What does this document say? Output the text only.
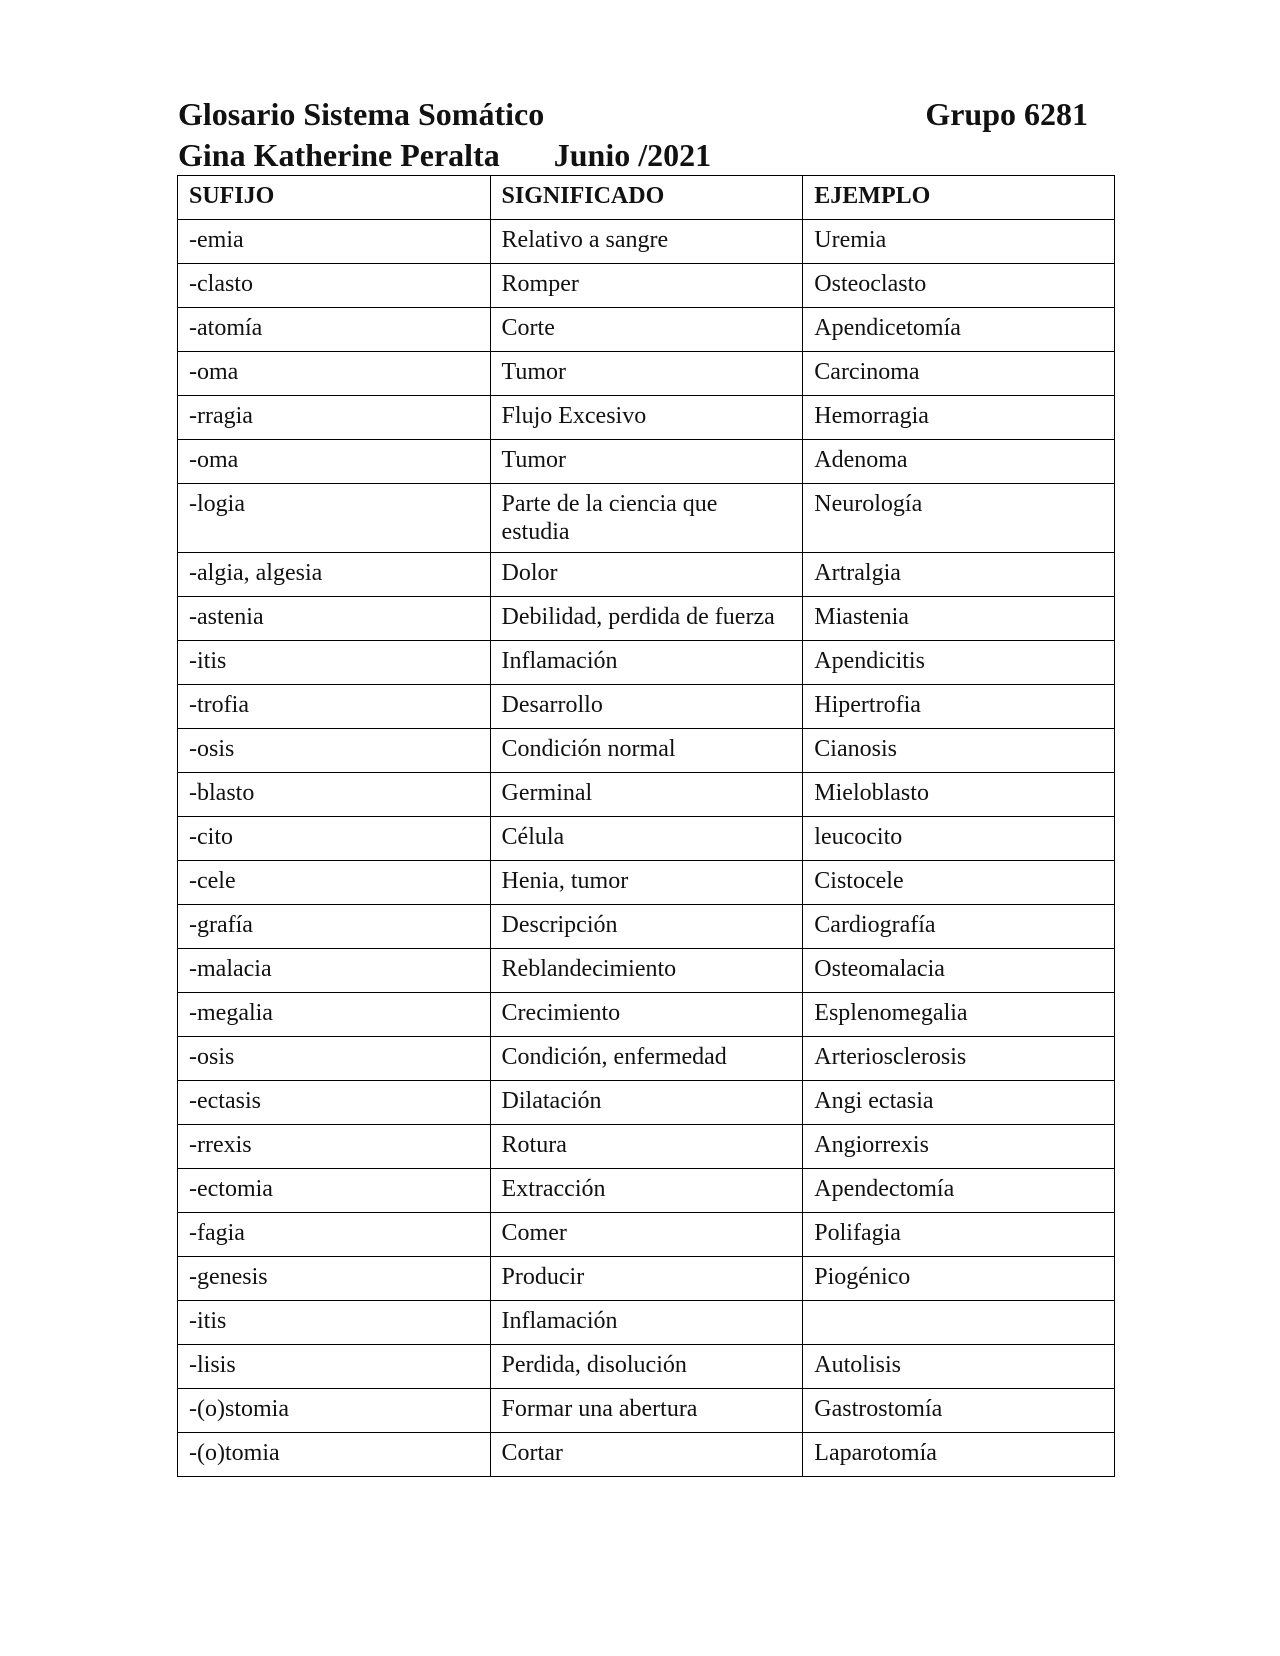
Glosario Sistema Somático	Grupo 6281
Gina Katherine Peralta Junio /2021
SUFIJO	SIGNIFICADO	EJEMPLO
-emia	Relativo a sangre	Uremia
-clasto	Romper	Osteoclasto
-atomía	Corte	Apendicetomía
-oma	Tumor	Carcinoma
-rragia	Flujo Excesivo	Hemorragia
-oma	Tumor	Adenoma
-logia	Parte de la ciencia que estudia	Neurología
-algia, algesia	Dolor	Artralgia
-astenia	Debilidad, perdida de fuerza	Miastenia
-itis	Inflamación	Apendicitis
-trofia	Desarrollo	Hipertrofia
-osis	Condición normal	Cianosis
-blasto	Germinal	Mieloblasto
-cito	Célula	leucocito
-cele	Henia, tumor	Cistocele
-grafía	Descripción	Cardiografía
-malacia	Reblandecimiento	Osteomalacia
-megalia	Crecimiento	Esplenomegalia
-osis	Condición, enfermedad	Arteriosclerosis
-ectasis	Dilatación	Angi ectasia
-rrexis	Rotura	Angiorrexis
-ectomia	Extracción	Apendectomía
-fagia	Comer	Polifagia
-genesis	Producir	Piogénico
-itis	Inflamación	
-lisis	Perdida, disolución	Autolisis
-(o)stomia	Formar una abertura	Gastrostomía
-(o)tomia	Cortar	Laparotomía
